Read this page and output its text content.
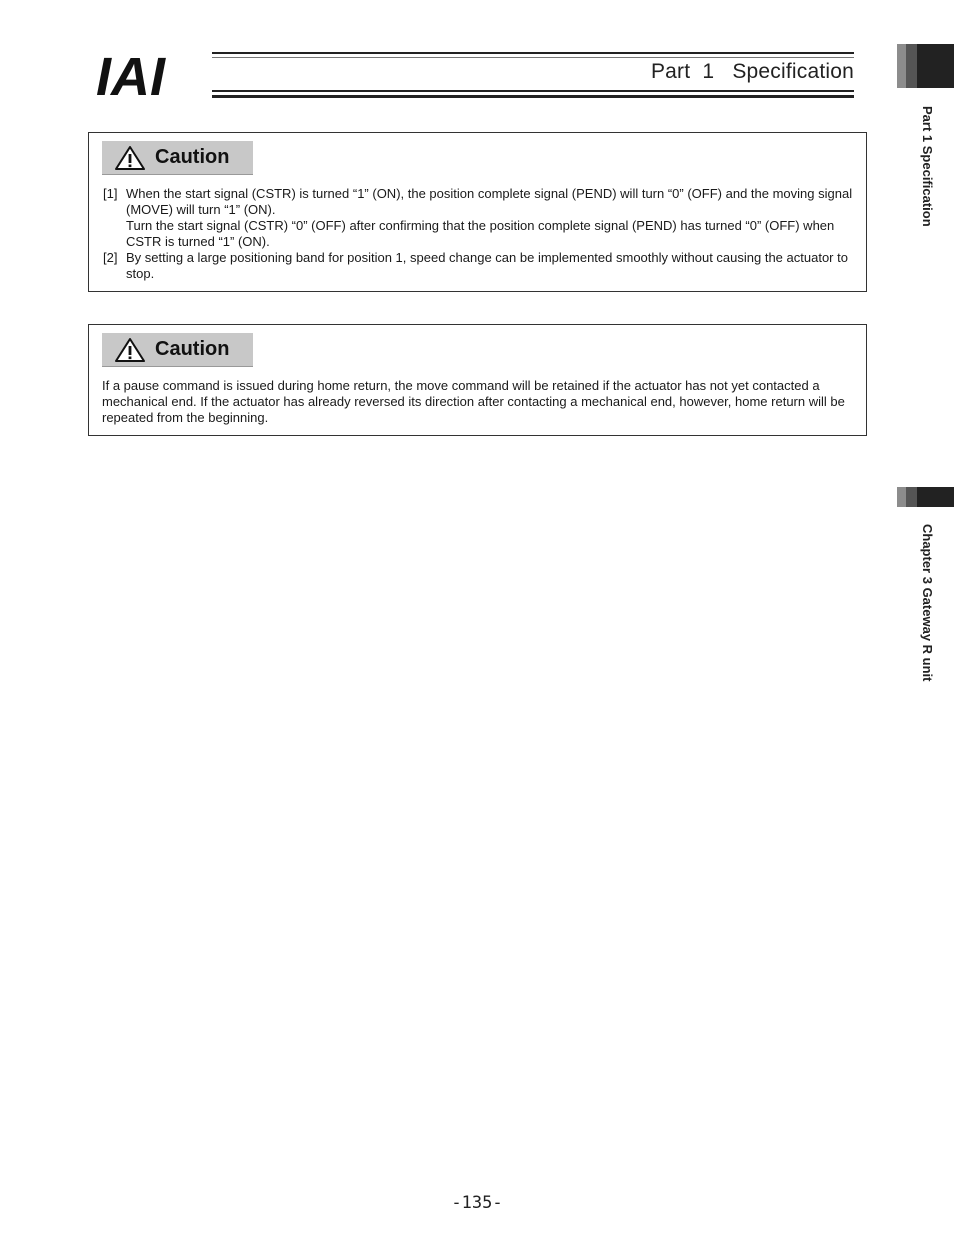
IAI	Part  1   Specification
Part 1 Specification
Chapter 3 Gateway R unit
Caution
[1] When the start signal (CSTR) is turned “1” (ON), the position complete signal (PEND) will turn “0” (OFF) and the moving signal (MOVE) will turn “1” (ON).
Turn the start signal (CSTR) “0” (OFF) after confirming that the position complete signal (PEND) has turned “0” (OFF) when CSTR is turned “1” (ON).
[2] By setting a large positioning band for position 1, speed change can be implemented smoothly without causing the actuator to stop.
Caution
If a pause command is issued during home return, the move command will be retained if the actuator has not yet contacted a mechanical end. If the actuator has already reversed its direction after contacting a mechanical end, however, home return will be repeated from the beginning.
-135-
